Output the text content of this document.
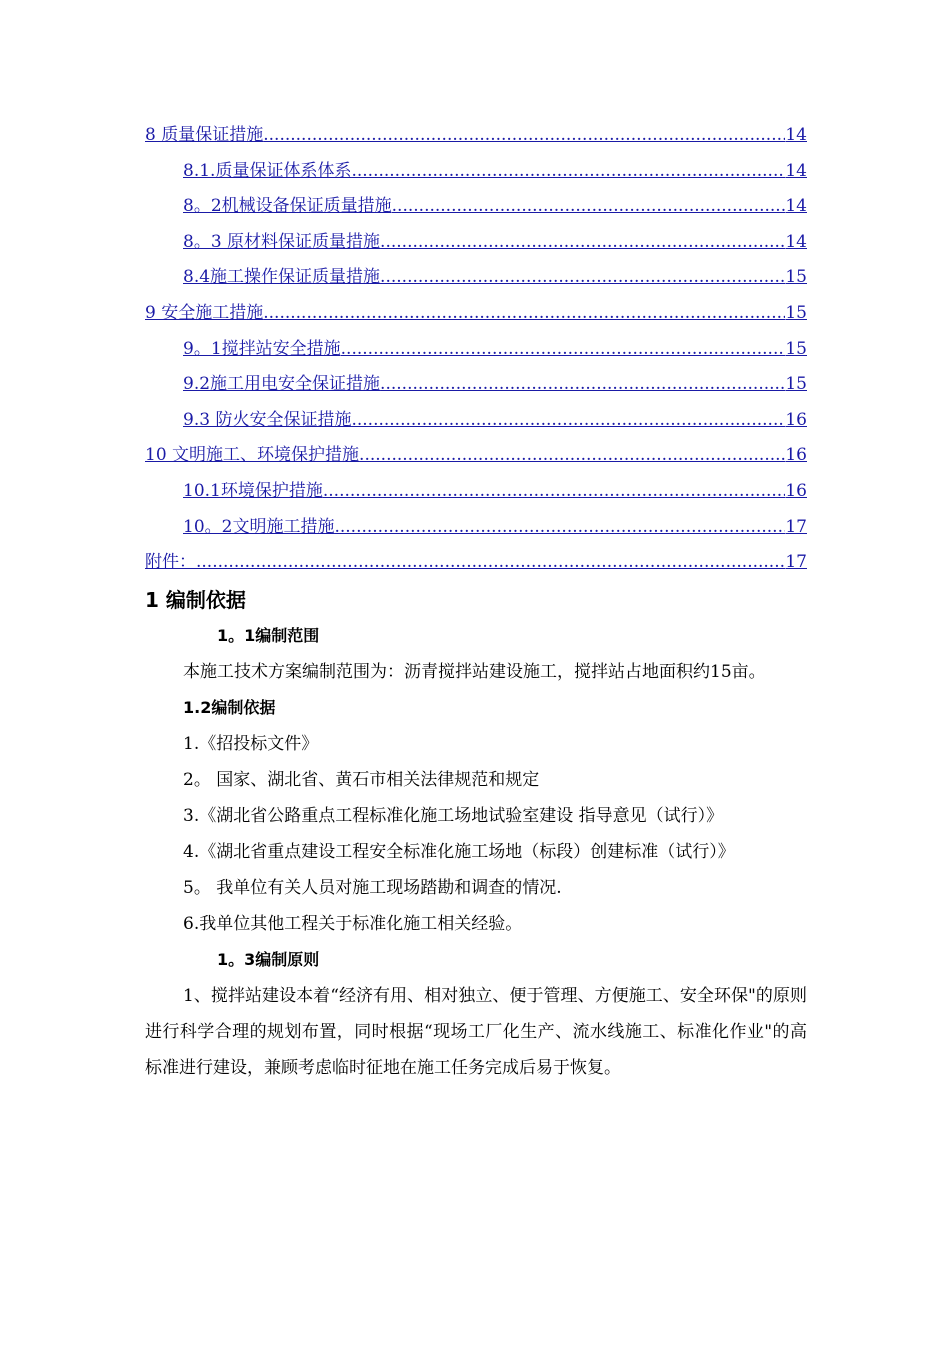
8 质量保证措施 .....	14
8.1.质量保证体系体系 .....	14
8。2机械设备保证质量措施 .....	14
8。3 原材料保证质量措施 .....	14
8.4施工操作保证质量措施 .....	15
9 安全施工措施 .....	15
9。1搅拌站安全措施 .....	15
9.2施工用电安全保证措施 .....	15
9.3 防火安全保证措施 .....	16
10 文明施工、环境保护措施 .....	16
10.1环境保护措施 .....	16
10。2文明施工措施 .....	17
附件： .....	17
1 编制依据
1。1编制范围

本施工技术方案编制范围为：沥青搅拌站建设施工，搅拌站占地面积约15亩。

1.2编制依据

1.《招投标文件》

2。 国家、湖北省、黄石市相关法律规范和规定

3.《湖北省公路重点工程标准化施工场地试验室建设 指导意见（试行）》

4.《湖北省重点建设工程安全标准化施工场地（标段）创建标准（试行）》

5。 我单位有关人员对施工现场踏勘和调查的情况.

6.我单位其他工程关于标准化施工相关经验。

1。3编制原则

1、搅拌站建设本着“经济有用、相对独立、便于管理、方便施工、安全环保"的原则进行科学合理的规划布置，同时根据“现场工厂化生产、流水线施工、标准化作业"的高标准进行建设，兼顾考虑临时征地在施工任务完成后易于恢复。
